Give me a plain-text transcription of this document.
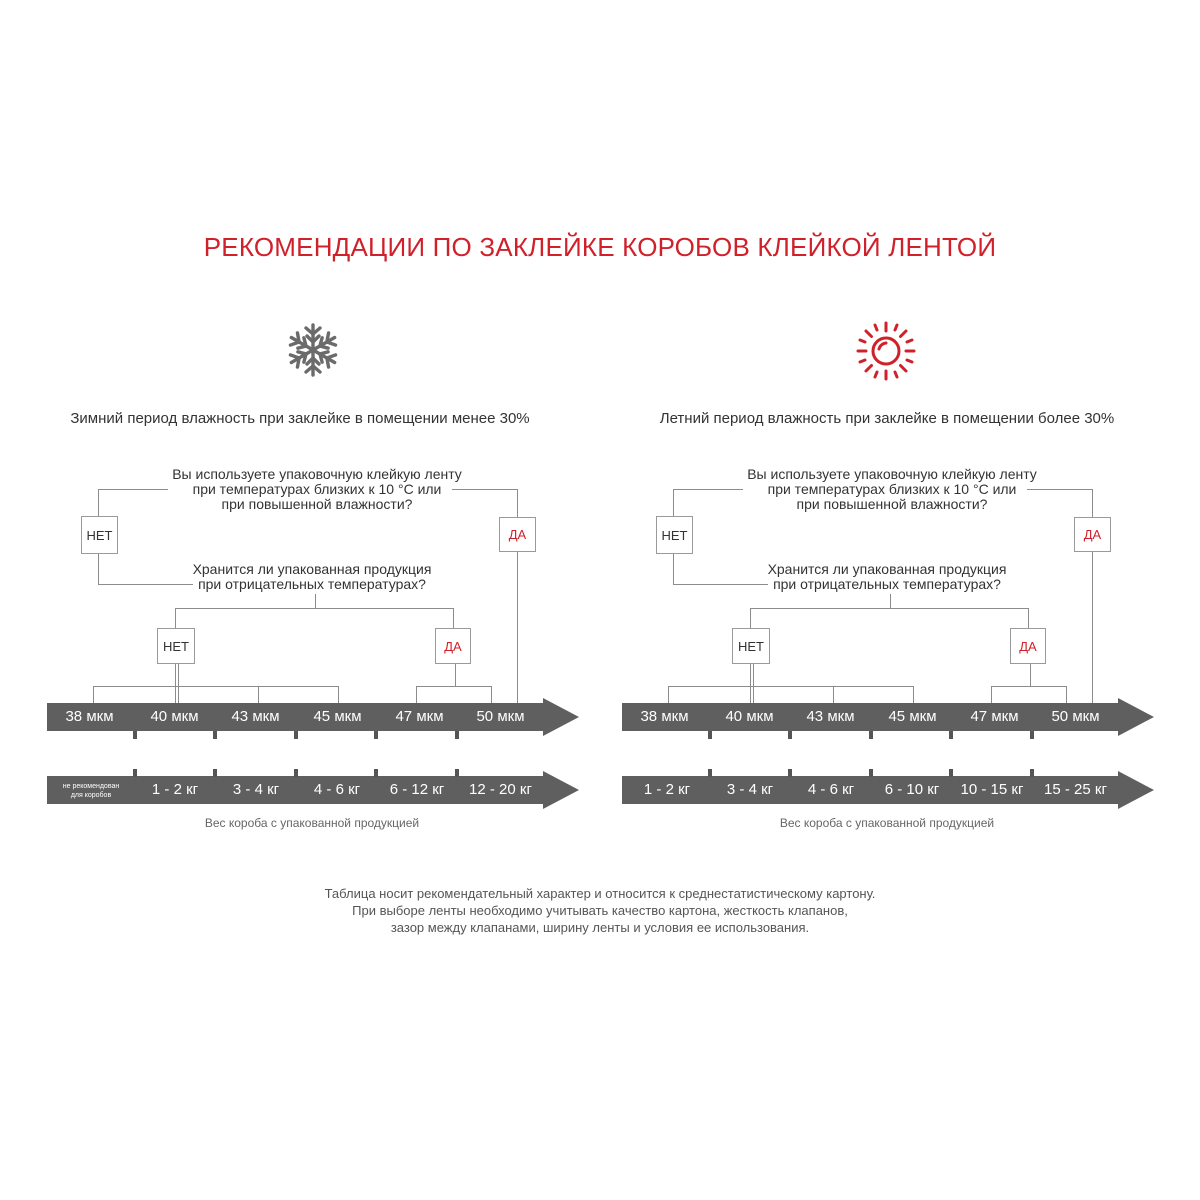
РЕКОМЕНДАЦИИ ПО ЗАКЛЕЙКЕ КОРОБОВ КЛЕЙКОЙ ЛЕНТОЙ
Зимний период влажность при заклейке в помещении менее 30%
Вы используете упаковочную клейкую ленту
при температурах близких к 10 °С или
при повышенной влажности?
Хранится ли упакованная продукция
при отрицательных температурах?
НЕТ	ДА
НЕТ	ДА
38 мкм	40 мкм	43 мкм	45 мкм	47 мкм	50 мкм
не рекомендован
для коробов	1 - 2 кг	3 - 4 кг	4 - 6 кг	6 - 12 кг	12 - 20 кг
Вес короба с упакованной продукцией
Летний период влажность при заклейке в помещении более 30%
Вы используете упаковочную клейкую ленту
при температурах близких к 10 °С или
при повышенной влажности?
Хранится ли упакованная продукция
при отрицательных температурах?
НЕТ	ДА
НЕТ	ДА
38 мкм	40 мкм	43 мкм	45 мкм	47 мкм	50 мкм
1 - 2 кг	3 - 4 кг	4 - 6 кг	6 - 10 кг	10 - 15 кг	15 - 25 кг
Вес короба с упакованной продукцией
Таблица носит рекомендательный характер и относится к среднестатистическому картону.
При выборе ленты необходимо учитывать качество картона, жесткость клапанов,
зазор между клапанами, ширину ленты и условия ее использования.
